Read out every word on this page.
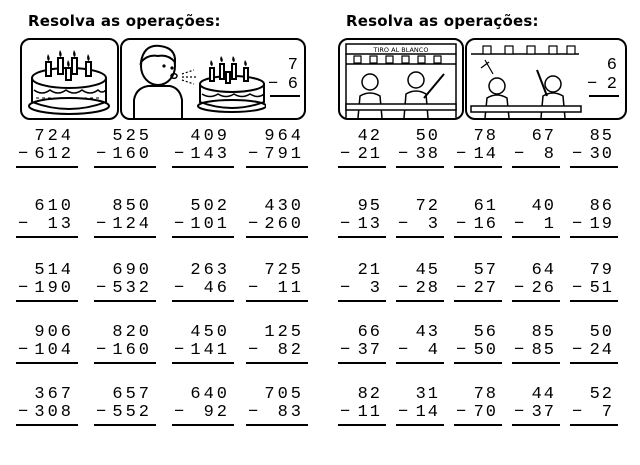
Resolva as operações:
7
− 6
Resolva as operações:
TIRO AL BLANCO
6
− 2
724
− 612
525
− 160
409
− 143
964
− 791
610
− 13
850
− 124
502
− 101
430
− 260
514
− 190
690
− 532
263
− 46
725
− 11
906
− 104
820
− 160
450
− 141
125
− 82
367
− 308
657
− 552
640
− 92
705
− 83
42
− 21
50
− 38
78
− 14
67
− 8
85
− 30
95
− 13
72
− 3
61
− 16
40
− 1
86
− 19
21
− 3
45
− 28
57
− 27
64
− 26
79
− 51
66
− 37
43
− 4
56
− 50
85
− 85
50
− 24
82
− 11
31
− 14
78
− 70
44
− 37
52
− 7
